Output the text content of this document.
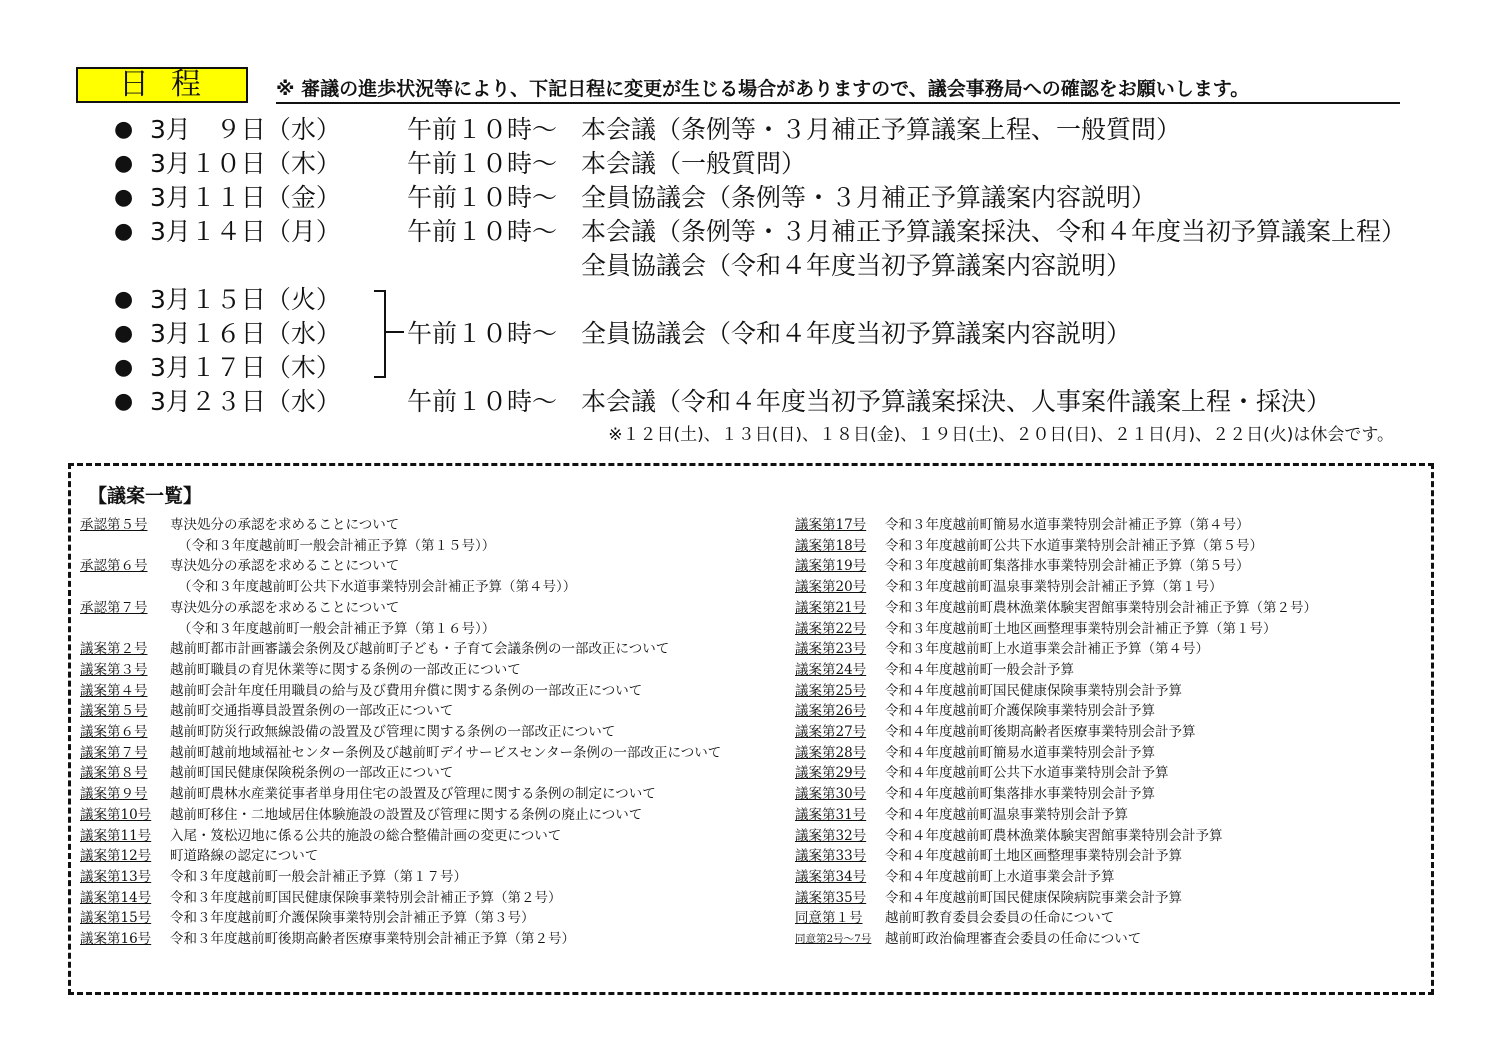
日程	※ 審議の進歩状況等により、下記日程に変更が生じる場合がありますので、議会事務局への確認をお願いします。
● 3月　９日（水）	午前１０時〜 本会議（条例等・３月補正予算議案上程、一般質問）
● 3月１０日（木）	午前１０時〜 本会議（一般質問）
● 3月１１日（金）	午前１０時〜 全員協議会（条例等・３月補正予算議案内容説明）
● 3月１４日（月）	午前１０時〜 本会議（条例等・３月補正予算議案採決、令和４年度当初予算議案上程）
全員協議会（令和４年度当初予算議案内容説明）
● 3月１５日（火）
● 3月１６日（水）	午前１０時〜 全員協議会（令和４年度当初予算議案内容説明）
● 3月１７日（木）
● 3月２３日（水）	午前１０時〜 本会議（令和４年度当初予算議案採決、人事案件議案上程・採決）
※１２日(土)、１３日(日)、１８日(金)、１９日(土)、２０日(日)、２１日(月)、２２日(火)は休会です。
【議案一覧】
承認第５号	専決処分の承認を求めることについて
（令和３年度越前町一般会計補正予算（第１５号））
承認第６号	専決処分の承認を求めることについて
（令和３年度越前町公共下水道事業特別会計補正予算（第４号））
承認第７号	専決処分の承認を求めることについて
（令和３年度越前町一般会計補正予算（第１６号））
議案第２号	越前町都市計画審議会条例及び越前町子ども・子育て会議条例の一部改正について
議案第３号	越前町職員の育児休業等に関する条例の一部改正について
議案第４号	越前町会計年度任用職員の給与及び費用弁償に関する条例の一部改正について
議案第５号	越前町交通指導員設置条例の一部改正について
議案第６号	越前町防災行政無線設備の設置及び管理に関する条例の一部改正について
議案第７号	越前町越前地域福祉センター条例及び越前町デイサービスセンター条例の一部改正について
議案第８号	越前町国民健康保険税条例の一部改正について
議案第９号	越前町農林水産業従事者単身用住宅の設置及び管理に関する条例の制定について
議案第10号	越前町移住・二地域居住体験施設の設置及び管理に関する条例の廃止について
議案第11号	入尾・笈松辺地に係る公共的施設の総合整備計画の変更について
議案第12号	町道路線の認定について
議案第13号	令和３年度越前町一般会計補正予算（第１７号）
議案第14号	令和３年度越前町国民健康保険事業特別会計補正予算（第２号）
議案第15号	令和３年度越前町介護保険事業特別会計補正予算（第３号）
議案第16号	令和３年度越前町後期高齢者医療事業特別会計補正予算（第２号）
議案第17号	令和３年度越前町簡易水道事業特別会計補正予算（第４号）
議案第18号	令和３年度越前町公共下水道事業特別会計補正予算（第５号）
議案第19号	令和３年度越前町集落排水事業特別会計補正予算（第５号）
議案第20号	令和３年度越前町温泉事業特別会計補正予算（第１号）
議案第21号	令和３年度越前町農林漁業体験実習館事業特別会計補正予算（第２号）
議案第22号	令和３年度越前町土地区画整理事業特別会計補正予算（第１号）
議案第23号	令和３年度越前町上水道事業会計補正予算（第４号）
議案第24号	令和４年度越前町一般会計予算
議案第25号	令和４年度越前町国民健康保険事業特別会計予算
議案第26号	令和４年度越前町介護保険事業特別会計予算
議案第27号	令和４年度越前町後期高齢者医療事業特別会計予算
議案第28号	令和４年度越前町簡易水道事業特別会計予算
議案第29号	令和４年度越前町公共下水道事業特別会計予算
議案第30号	令和４年度越前町集落排水事業特別会計予算
議案第31号	令和４年度越前町温泉事業特別会計予算
議案第32号	令和４年度越前町農林漁業体験実習館事業特別会計予算
議案第33号	令和４年度越前町土地区画整理事業特別会計予算
議案第34号	令和４年度越前町上水道事業会計予算
議案第35号	令和４年度越前町国民健康保険病院事業会計予算
同意第１号	越前町教育委員会委員の任命について
同意第2号〜7号	越前町政治倫理審査会委員の任命について
